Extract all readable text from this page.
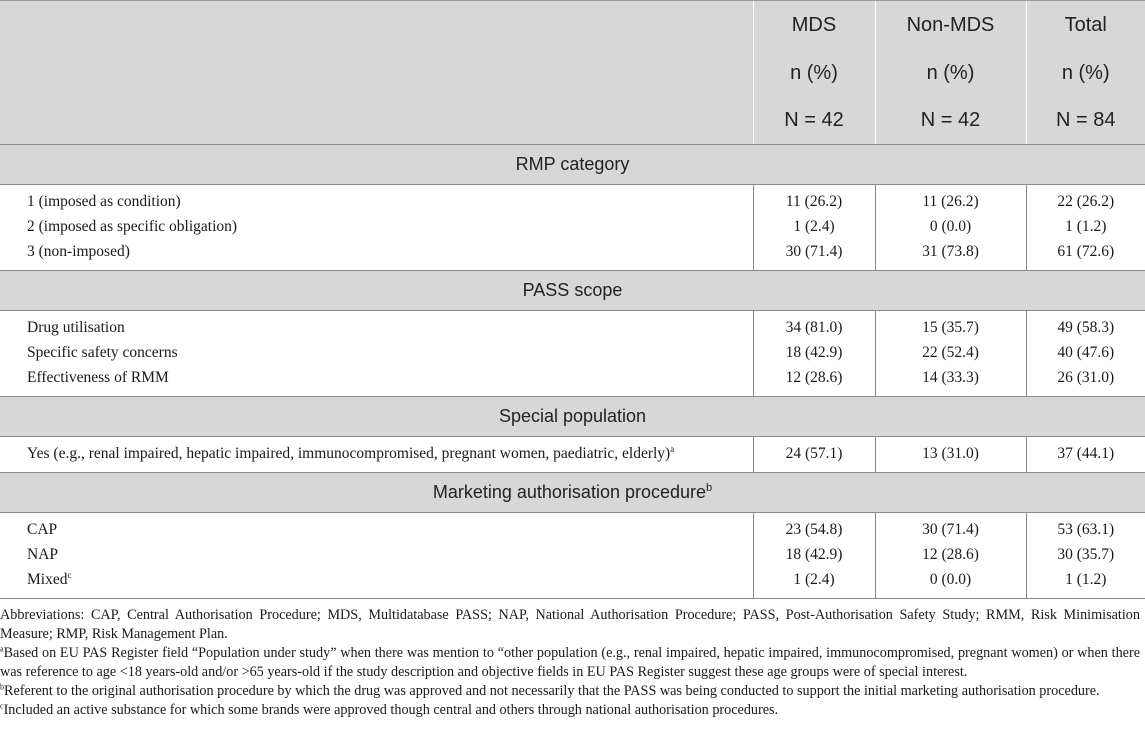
	MDS	Non-MDS	Total
	n (%)	n (%)	n (%)
	N = 42	N = 42	N = 84
RMP category			
1 (imposed as condition)	11 (26.2)	11 (26.2)	22 (26.2)
2 (imposed as specific obligation)	1 (2.4)	0 (0.0)	1 (1.2)
3 (non-imposed)	30 (71.4)	31 (73.8)	61 (72.6)
PASS scope			
Drug utilisation	34 (81.0)	15 (35.7)	49 (58.3)
Specific safety concerns	18 (42.9)	22 (52.4)	40 (47.6)
Effectiveness of RMM	12 (28.6)	14 (33.3)	26 (31.0)
Special population			
Yes (e.g., renal impaired, hepatic impaired, immunocompromised, pregnant women, paediatric, elderly)$^a$	24 (57.1)	13 (31.0)	37 (44.1)
Marketing authorisation procedure$^b$
CAP	23 (54.8)	30 (71.4)	53 (63.1)
NAP	18 (42.9)	12 (28.6)	30 (35.7)
Mixed$^c$	1 (2.4)	0 (0.0)	1 (1.2)

Abbreviations: CAP, Central Authorisation Procedure; MDS, Multidatabase PASS; NAP, National Authorisation Procedure; PASS, Post-Authorisation Safety Study; RMM, Risk Minimisation Measure; RMP, Risk Management Plan.

$^a$Based on EU PAS Register field “Population under study” when there was mention to “other population (e.g., renal impaired, hepatic impaired, immunocompromised, pregnant women) or when there was reference to age <18 years-old and/or >65 years-old if the study description and objective fields in EU PAS Register suggest these age groups were of special interest.

$^b$Referent to the original authorisation procedure by which the drug was approved and not necessarily that the PASS was being conducted to support the initial marketing authorisation procedure.

$^c$Included an active substance for which some brands were approved though central and others through national authorisation procedures.
